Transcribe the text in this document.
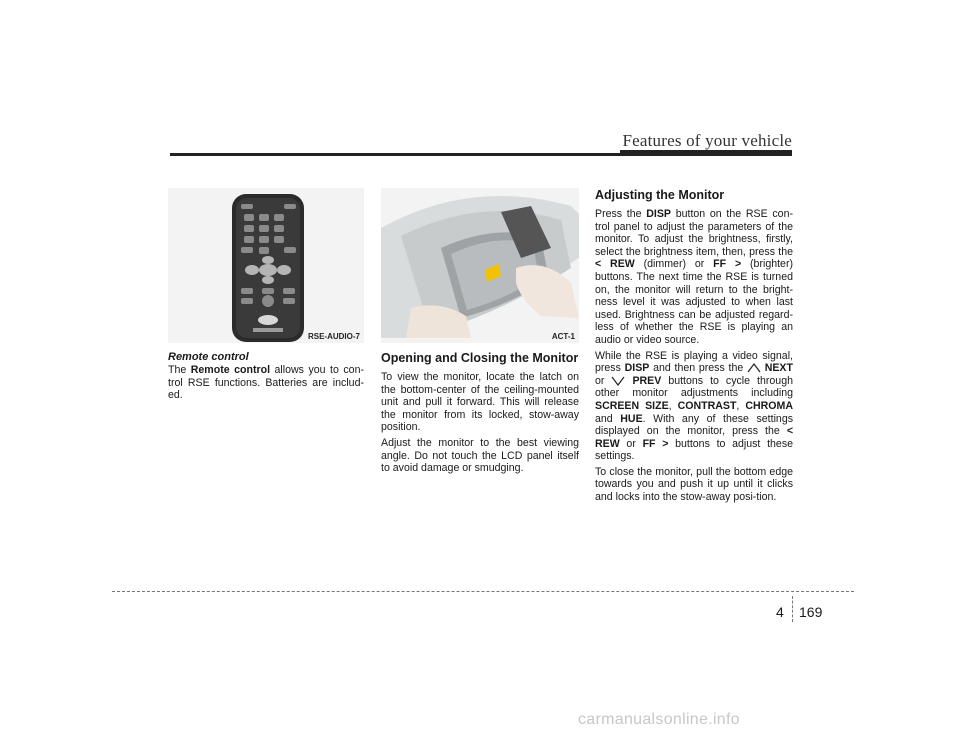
Features of your vehicle
RSE-AUDIO-7
Remote control

The Remote control allows you to con-trol RSE functions. Batteries are includ-ed.

ACT-1
Opening and Closing the Monitor

To view the monitor, locate the latch on the bottom-center of the ceiling-mounted unit and pull it forward. This will release the monitor from its locked, stow-away position.

Adjust the monitor to the best viewing angle. Do not touch the LCD panel itself to avoid damage or smudging.

Adjusting the Monitor

Press the DISP button on the RSE con-trol panel to adjust the parameters of the monitor. To adjust the brightness, firstly, select the brightness item, then, press the < REW (dimmer) or FF > (brighter) buttons. The next time the RSE is turned on, the monitor will return to the bright-ness level it was adjusted to when last used. Brightness can be adjusted regard-less of whether the RSE is playing an audio or video source.

While the RSE is playing a video signal, press DISP and then press the  NEXT or  PREV buttons to cycle through other monitor adjustments including SCREEN SIZE, CONTRAST, CHROMA and HUE. With any of these settings displayed on the monitor, press the < REW or FF > buttons to adjust these settings.

To close the monitor, pull the bottom edge towards you and push it up until it clicks and locks into the stow-away posi-tion.

4 169
carmanualsonline.info
